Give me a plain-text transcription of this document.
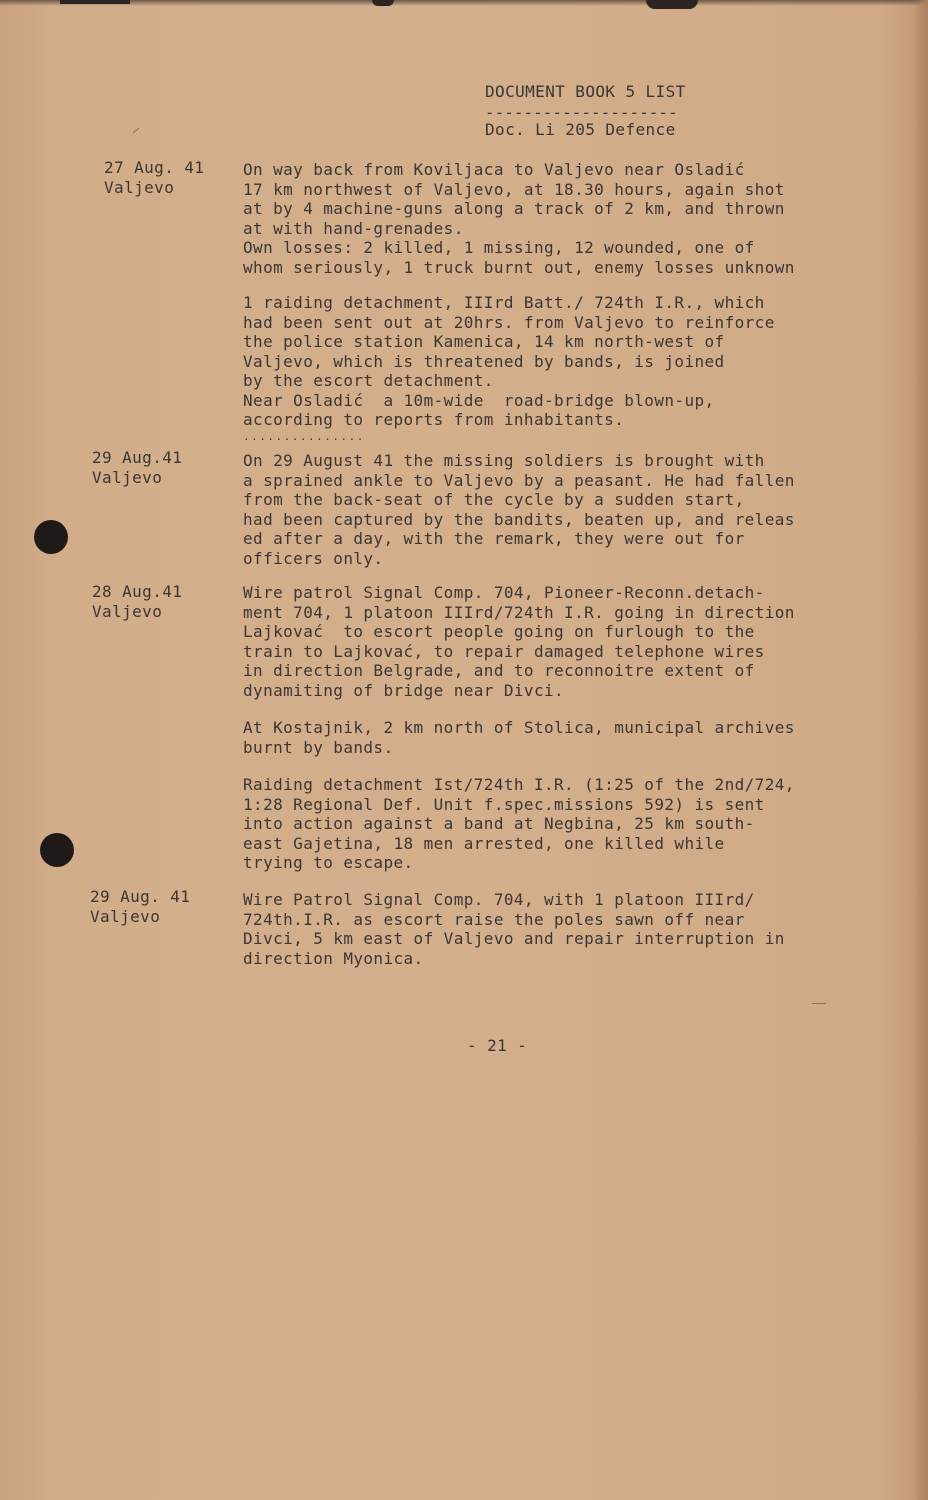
DOCUMENT BOOK 5 LIST
--------------------
Doc. Li 205 Defence
27 Aug. 41
Valjevo
On way back from Koviljaca to Valjevo near Osladić
17 km northwest of Valjevo, at 18.30 hours, again shot
at by 4 machine-guns along a track of 2 km, and thrown
at with hand-grenades.
Own losses: 2 killed, 1 missing, 12 wounded, one of
whom seriously, 1 truck burnt out, enemy losses unknown
1 raiding detachment, IIIrd Batt./ 724th I.R., which
had been sent out at 20hrs. from Valjevo to reinforce
the police station Kamenica, 14 km north-west of
Valjevo, which is threatened by bands, is joined
by the escort detachment.
Near Osladić  a 10m-wide  road-bridge blown-up,
according to reports from inhabitants.
...............
29 Aug.41
Valjevo
On 29 August 41 the missing soldiers is brought with
a sprained ankle to Valjevo by a peasant. He had fallen
from the back-seat of the cycle by a sudden start,
had been captured by the bandits, beaten up, and releas
ed after a day, with the remark, they were out for
officers only.
28 Aug.41
Valjevo
Wire patrol Signal Comp. 704, Pioneer-Reconn.detach-
ment 704, 1 platoon IIIrd/724th I.R. going in direction
Lajkovać  to escort people going on furlough to the
train to Lajkovać, to repair damaged telephone wires
in direction Belgrade, and to reconnoitre extent of
dynamiting of bridge near Divci.
At Kostajnik, 2 km north of Stolica, municipal archives
burnt by bands.
Raiding detachment Ist/724th I.R. (1:25 of the 2nd/724,
1:28 Regional Def. Unit f.spec.missions 592) is sent
into action against a band at Negbina, 25 km south-
east Gajetina, 18 men arrested, one killed while
trying to escape.
29 Aug. 41
Valjevo
Wire Patrol Signal Comp. 704, with 1 platoon IIIrd/
724th.I.R. as escort raise the poles sawn off near
Divci, 5 km east of Valjevo and repair interruption in
direction Myonica.
- 21 -
